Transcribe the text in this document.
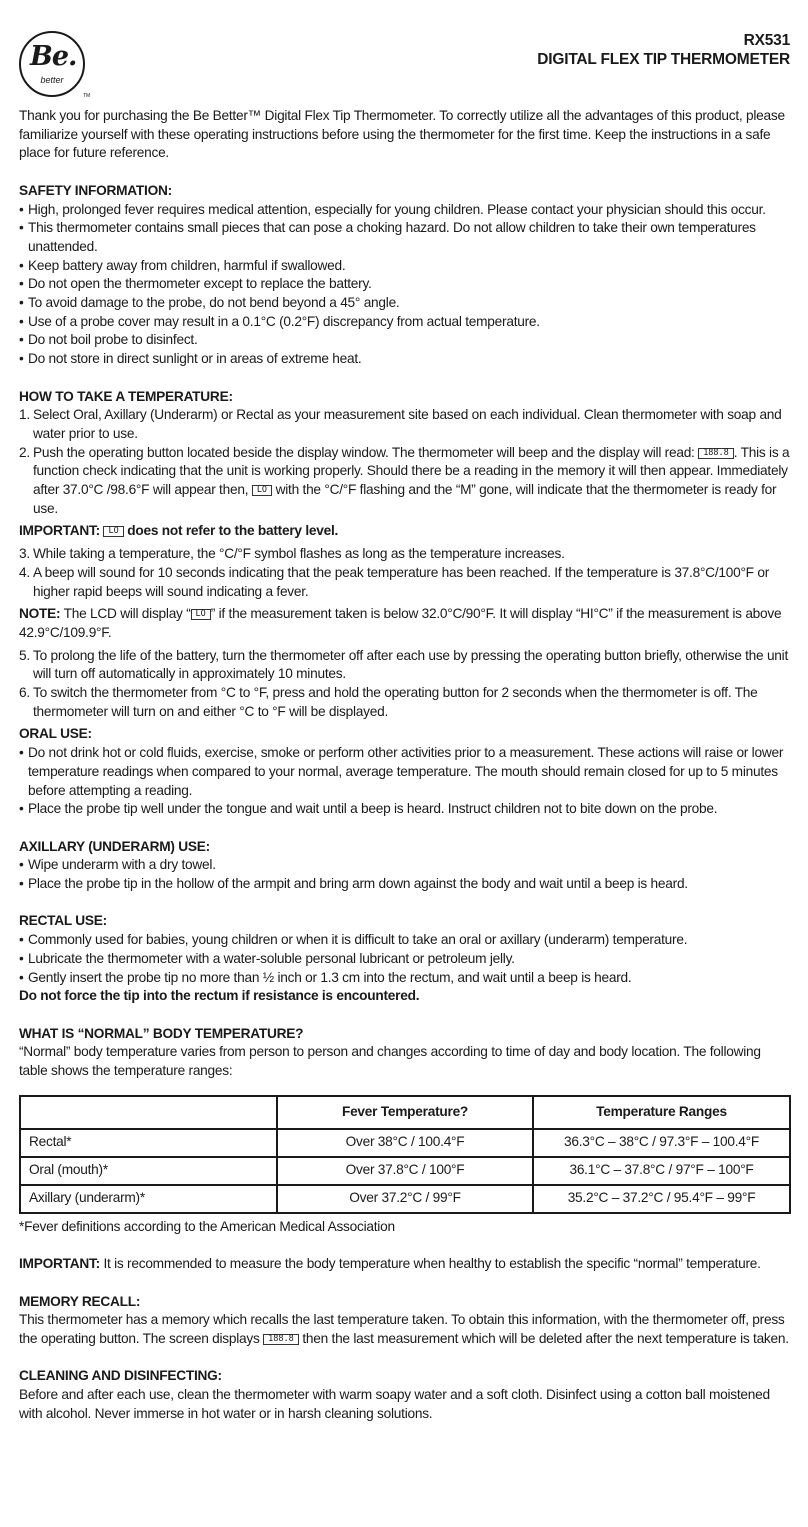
Be.
better
TM
RX531
DIGITAL FLEX TIP THERMOMETER

Thank you for purchasing the Be Better™ Digital Flex Tip Thermometer. To correctly utilize all the advantages of this product, please familiarize yourself with these operating instructions before using the thermometer for the first time. Keep the instructions in a safe place for future reference.

SAFETY INFORMATION:

• High, prolonged fever requires medical attention, especially for young children. Please contact your physician should this occur.

• This thermometer contains small pieces that can pose a choking hazard. Do not allow children to take their own temperatures unattended.

• Keep battery away from children, harmful if swallowed.

• Do not open the thermometer except to replace the battery.

• To avoid damage to the probe, do not bend beyond a 45° angle.

• Use of a probe cover may result in a 0.1°C (0.2°F) discrepancy from actual temperature.

• Do not boil probe to disinfect.

• Do not store in direct sunlight or in areas of extreme heat.

HOW TO TAKE A TEMPERATURE:

1. Select Oral, Axillary (Underarm) or Rectal as your measurement site based on each individual. Clean thermometer with soap and water prior to use.

2. Push the operating button located beside the display window. The thermometer will beep and the display will read: 188.8 . This is a function check indicating that the unit is working properly. Should there be a reading in the memory it will then appear. Immediately after 37.0°C /98.6°F will appear then, LO with the °C/°F flashing and the “M” gone, will indicate that the thermometer is ready for use.

IMPORTANT: LO does not refer to the battery level.

3. While taking a temperature, the °C/°F symbol flashes as long as the temperature increases.

4. A beep will sound for 10 seconds indicating that the peak temperature has been reached. If the temperature is 37.8°C/100°F or higher rapid beeps will sound indicating a fever.

NOTE: The LCD will display “ LO ” if the measurement taken is below 32.0°C/90°F. It will display “HI°C” if the measurement is above 42.9°C/109.9°F.

5. To prolong the life of the battery, turn the thermometer off after each use by pressing the operating button briefly, otherwise the unit will turn off automatically in approximately 10 minutes.

6. To switch the thermometer from °C to °F, press and hold the operating button for 2 seconds when the thermometer is off. The thermometer will turn on and either °C to °F will be displayed.

ORAL USE:

• Do not drink hot or cold fluids, exercise, smoke or perform other activities prior to a measurement. These actions will raise or lower temperature readings when compared to your normal, average temperature. The mouth should remain closed for up to 5 minutes before attempting a reading.

• Place the probe tip well under the tongue and wait until a beep is heard. Instruct children not to bite down on the probe.

AXILLARY (UNDERARM) USE:

• Wipe underarm with a dry towel.

• Place the probe tip in the hollow of the armpit and bring arm down against the body and wait until a beep is heard.

RECTAL USE:

• Commonly used for babies, young children or when it is difficult to take an oral or axillary (underarm) temperature.

• Lubricate the thermometer with a water-soluble personal lubricant or petroleum jelly.

• Gently insert the probe tip no more than ½ inch or 1.3 cm into the rectum, and wait until a beep is heard.

Do not force the tip into the rectum if resistance is encountered.

WHAT IS “NORMAL” BODY TEMPERATURE?

“Normal” body temperature varies from person to person and changes according to time of day and body location. The following table shows the temperature ranges:

	Fever Temperature?	Temperature Ranges
Rectal*	Over 38°C / 100.4°F	36.3°C – 38°C / 97.3°F – 100.4°F
Oral (mouth)*	Over 37.8°C / 100°F	36.1°C – 37.8°C / 97°F – 100°F
Axillary (underarm)*	Over 37.2°C / 99°F	35.2°C – 37.2°C / 95.4°F – 99°F

*Fever definitions according to the American Medical Association

IMPORTANT: It is recommended to measure the body temperature when healthy to establish the specific “normal” temperature.

MEMORY RECALL:

This thermometer has a memory which recalls the last temperature taken. To obtain this information, with the thermometer off, press the operating button. The screen displays 188.8 then the last measurement which will be deleted after the next temperature is taken.

CLEANING AND DISINFECTING:

Before and after each use, clean the thermometer with warm soapy water and a soft cloth. Disinfect using a cotton ball moistened with alcohol. Never immerse in hot water or in harsh cleaning solutions.
